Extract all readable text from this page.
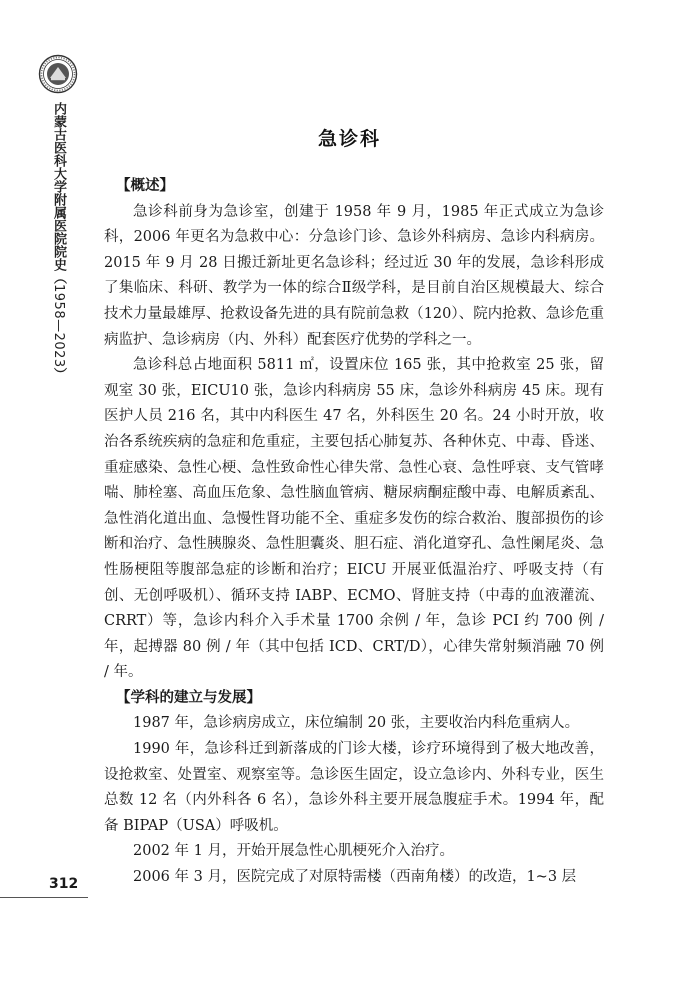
内蒙古医科大学附属医院院史（1958—2023）
急诊科
【概述】

急诊科前身为急诊室，创建于 1958 年 9 月，1985 年正式成立为急诊科，2006 年更名为急救中心：分急诊门诊、急诊外科病房、急诊内科病房。2015 年 9 月 28 日搬迁新址更名急诊科；经过近 30 年的发展，急诊科形成了集临床、科研、教学为一体的综合Ⅱ级学科，是目前自治区规模最大、综合技术力量最雄厚、抢救设备先进的具有院前急救（120）、院内抢救、急诊危重病监护、急诊病房（内、外科）配套医疗优势的学科之一。

急诊科总占地面积 5811 ㎡，设置床位 165 张，其中抢救室 25 张，留观室 30 张，EICU10 张，急诊内科病房 55 床，急诊外科病房 45 床。现有医护人员 216 名，其中内科医生 47 名，外科医生 20 名。24 小时开放，收治各系统疾病的急症和危重症，主要包括心肺复苏、各种休克、中毒、昏迷、重症感染、急性心梗、急性致命性心律失常、急性心衰、急性呼衰、支气管哮喘、肺栓塞、高血压危象、急性脑血管病、糖尿病酮症酸中毒、电解质紊乱、急性消化道出血、急慢性肾功能不全、重症多发伤的综合救治、腹部损伤的诊断和治疗、急性胰腺炎、急性胆囊炎、胆石症、消化道穿孔、急性阑尾炎、急性肠梗阻等腹部急症的诊断和治疗；EICU 开展亚低温治疗、呼吸支持（有创、无创呼吸机）、循环支持 IABP、ECMO、肾脏支持（中毒的血液灌流、CRRT）等，急诊内科介入手术量 1700 余例 / 年，急诊 PCI 约 700 例 / 年，起搏器 80 例 / 年（其中包括 ICD、CRT/D），心律失常射频消融 70 例 / 年。

【学科的建立与发展】

1987 年，急诊病房成立，床位编制 20 张，主要收治内科危重病人。

1990 年，急诊科迁到新落成的门诊大楼，诊疗环境得到了极大地改善，设抢救室、处置室、观察室等。急诊医生固定，设立急诊内、外科专业，医生总数 12 名（内外科各 6 名），急诊外科主要开展急腹症手术。1994 年，配备 BIPAP（USA）呼吸机。

2002 年 1 月，开始开展急性心肌梗死介入治疗。

2006 年 3 月，医院完成了对原特需楼（西南角楼）的改造，1~3 层

312
